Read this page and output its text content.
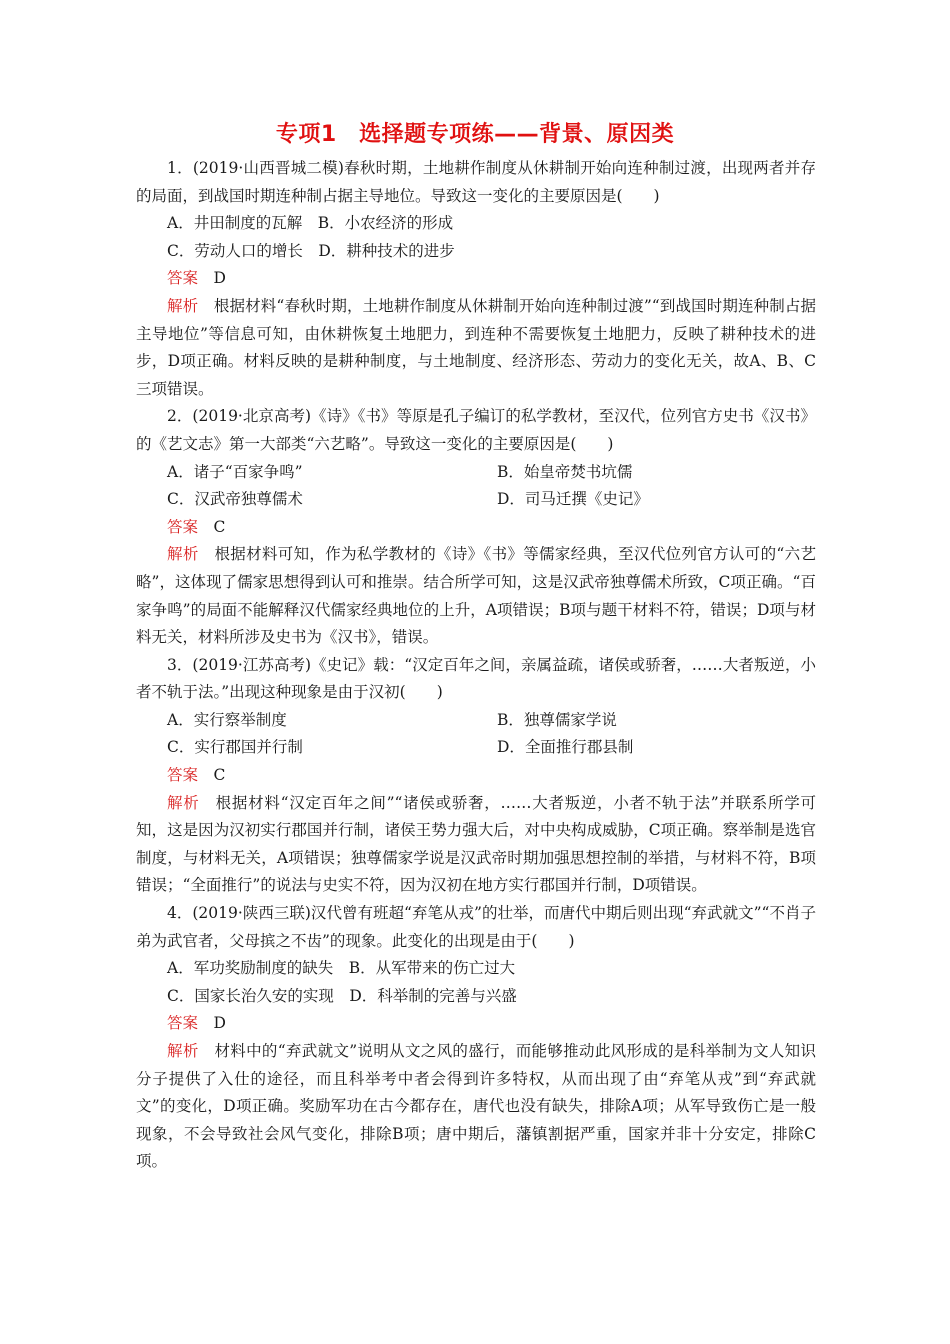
专项1　选择题专项练——背景、原因类

1．(2019·山西晋城二模)春秋时期，土地耕作制度从休耕制开始向连种制过渡，出现两者并存的局面，到战国时期连种制占据主导地位。导致这一变化的主要原因是(　　)

A．井田制度的瓦解　B．小农经济的形成

C．劳动人口的增长　D．耕种技术的进步

答案　D

解析　根据材料“春秋时期，土地耕作制度从休耕制开始向连种制过渡”“到战国时期连种制占据主导地位”等信息可知，由休耕恢复土地肥力，到连种不需要恢复土地肥力，反映了耕种技术的进步，D项正确。材料反映的是耕种制度，与土地制度、经济形态、劳动力的变化无关，故A、B、C三项错误。

2．(2019·北京高考)《诗》《书》等原是孔子编订的私学教材，至汉代，位列官方史书《汉书》的《艺文志》第一大部类“六艺略”。导致这一变化的主要原因是(　　)

A．诸子“百家争鸣”	B．始皇帝焚书坑儒
C．汉武帝独尊儒术	D．司马迁撰《史记》

答案　C

解析　根据材料可知，作为私学教材的《诗》《书》等儒家经典，至汉代位列官方认可的“六艺略”，这体现了儒家思想得到认可和推崇。结合所学可知，这是汉武帝独尊儒术所致，C项正确。“百家争鸣”的局面不能解释汉代儒家经典地位的上升，A项错误；B项与题干材料不符，错误；D项与材料无关，材料所涉及史书为《汉书》，错误。

3．(2019·江苏高考)《史记》载：“汉定百年之间，亲属益疏，诸侯或骄奢，……大者叛逆，小者不轨于法。”出现这种现象是由于汉初(　　)

A．实行察举制度	B．独尊儒家学说
C．实行郡国并行制	D．全面推行郡县制

答案　C

解析　根据材料“汉定百年之间”“诸侯或骄奢，……大者叛逆，小者不轨于法”并联系所学可知，这是因为汉初实行郡国并行制，诸侯王势力强大后，对中央构成威胁，C项正确。察举制是选官制度，与材料无关，A项错误；独尊儒家学说是汉武帝时期加强思想控制的举措，与材料不符，B项错误；“全面推行”的说法与史实不符，因为汉初在地方实行郡国并行制，D项错误。

4．(2019·陕西三联)汉代曾有班超“弃笔从戎”的壮举，而唐代中期后则出现“弃武就文”“不肖子弟为武官者，父母摈之不齿”的现象。此变化的出现是由于(　　)

A．军功奖励制度的缺失　B．从军带来的伤亡过大

C．国家长治久安的实现　D．科举制的完善与兴盛

答案　D

解析　材料中的“弃武就文”说明从文之风的盛行，而能够推动此风形成的是科举制为文人知识分子提供了入仕的途径，而且科举考中者会得到许多特权，从而出现了由“弃笔从戎”到“弃武就文”的变化，D项正确。奖励军功在古今都存在，唐代也没有缺失，排除A项；从军导致伤亡是一般现象，不会导致社会风气变化，排除B项；唐中期后，藩镇割据严重，国家并非十分安定，排除C项。
